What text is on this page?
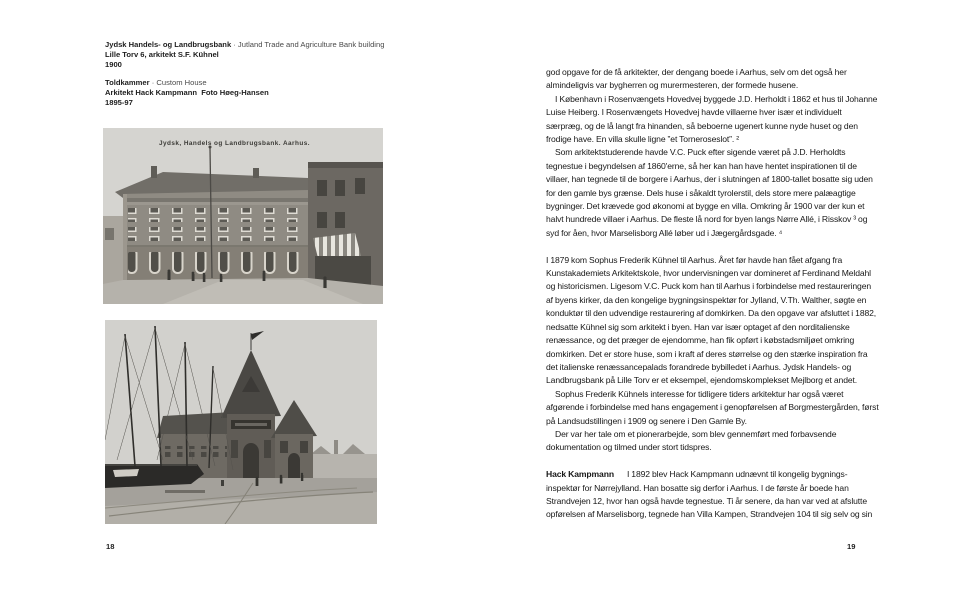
Jydsk Handels- og Landbrugsbank · Jutland Trade and Agriculture Bank building

Lille Torv 6, arkitekt S.F. Kühnel

1900

Toldkammer · Custom House

Arkitekt Hack Kampmann  Foto Høeg-Hansen

1895-97

Jydsk, Handels og Landbrugsbank. Aarhus.
18

god opgave for de få arkitekter, der dengang boede i Aarhus, selv om det også her almindeligvis var bygherren og murermesteren, der formede husene.

I København i Rosenvængets Hovedvej byggede J.D. Herholdt i 1862 et hus til Johanne Luise Heiberg. I Rosenvængets Hovedvej havde villaerne hver især et individuelt særpræg, og de lå langt fra hinanden, så beboerne ugenert kunne nyde huset og den frodige have. En villa skulle ligne ”et Torneroseslot”. ²

Som arkitektstuderende havde V.C. Puck efter sigende været på J.D. Herholdts tegnestue i begyndelsen af 1860'erne, så her kan han have hentet inspirationen til de villaer, han tegnede til de borgere i Aarhus, der i slutningen af 1800-tallet bosatte sig uden for den gamle bys grænse. Dels huse i såkaldt tyrolerstil, dels store mere palæagtige bygninger. Det krævede god økonomi at bygge en villa. Omkring år 1900 var der kun et halvt hundrede villaer i Aarhus. De fleste lå nord for byen langs Nørre Allé, i Risskov ³ og syd for åen, hvor Marselisborg Allé løber ud i Jægergårdsgade. ⁴

I 1879 kom Sophus Frederik Kühnel til Aarhus. Året før havde han fået afgang fra Kunstakademiets Arkitektskole, hvor undervisningen var domineret af Ferdinand Meldahl og historicismen. Ligesom V.C. Puck kom han til Aarhus i forbindelse med restaureringen af byens kirker, da den kongelige bygningsinspektør for Jylland, V.Th. Walther, søgte en konduktør til den udvendige restaurering af domkirken. Da den opgave var afsluttet i 1882, nedsatte Kühnel sig som arkitekt i byen. Han var især optaget af den norditalienske renæssance, og det præger de ejendomme, han fik opført i købstadsmiljøet omkring domkirken. Det er store huse, som i kraft af deres størrelse og den stærke inspiration fra det italienske renæssancepalads forandrede bybilledet i Aarhus. Jydsk Handels- og Landbrugsbank på Lille Torv er et eksempel, ejendomskomplekset Mejlborg et andet.

Sophus Frederik Kühnels interesse for tidligere tiders arkitektur har også været afgørende i forbindelse med hans engagement i genopførelsen af Borgmestergården, først på Landsudstillingen i 1909 og senere i Den Gamle By.

Der var her tale om et pionerarbejde, som blev gennemført med forbavsende dokumentation og tilmed under stort tidspres.

Hack Kampmann I 1892 blev Hack Kampmann udnævnt til kongelig bygnings-inspektør for Nørrejylland. Han bosatte sig derfor i Aarhus. I de første år boede han Strandvejen 12, hvor han også havde tegnestue. Ti år senere, da han var ved at afslutte opførelsen af Marselisborg, tegnede han Villa Kampen, Strandvejen 104 til sig selv og sin

19
